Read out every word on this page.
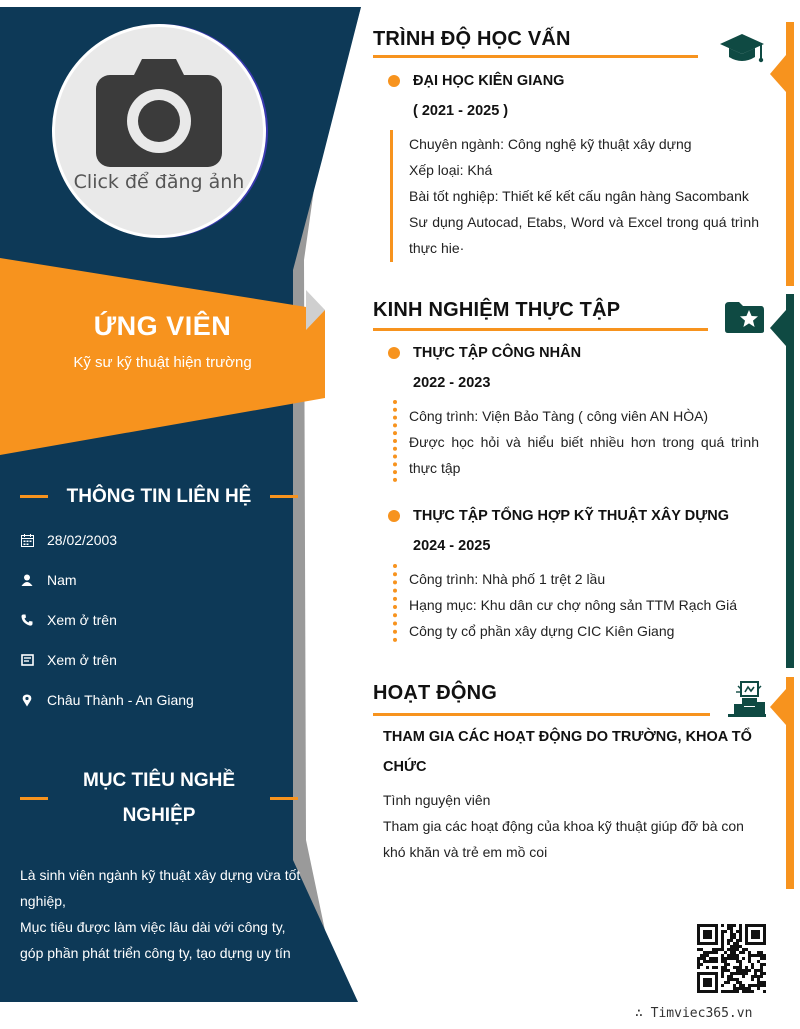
Click để đăng ảnh
ỨNG VIÊN
Kỹ sư kỹ thuật hiện trường
THÔNG TIN LIÊN HỆ
28/02/2003
Nam
Xem ở trên
Xem ở trên
Châu Thành - An Giang
MỤC TIÊU NGHỀ
NGHIỆP
Là sinh viên ngành kỹ thuật xây dựng vừa tốt nghiệp,
Mục tiêu được làm việc lâu dài với công ty, góp phần phát triển công ty, tạo dựng uy tín
TRÌNH ĐỘ HỌC VẤN
ĐẠI HỌC KIÊN GIANG
( 2021 - 2025 )
Chuyên ngành: Công nghệ kỹ thuật xây dựng
Xếp loại: Khá
Bài tốt nghiệp: Thiết kế kết cấu ngân hàng Sacombank
Sư dụng Autocad, Etabs, Word và Excel trong quá trình thực hie·
KINH NGHIỆM THỰC TẬP
THỰC TẬP CÔNG NHÂN
2022 - 2023
Công trình: Viện Bảo Tàng ( công viên AN HÒA)
Được học hỏi và hiểu biết nhiều hơn trong quá trình thực tập
THỰC TẬP TỔNG HỢP KỸ THUẬT XÂY DỰNG
2024 - 2025
Công trình: Nhà phố 1 trệt 2 lầu
Hạng mục: Khu dân cư chợ nông sản TTM Rạch Giá
Công ty cổ phần xây dựng CIC Kiên Giang
HOẠT ĐỘNG
THAM GIA CÁC HOẠT ĐỘNG DO TRƯỜNG, KHOA TỔ CHỨC
Tình nguyện viên
Tham gia các hoạt động của khoa kỹ thuật giúp đỡ bà con khó khăn và trẻ em mồ coi
∴ Timviec365.vn
